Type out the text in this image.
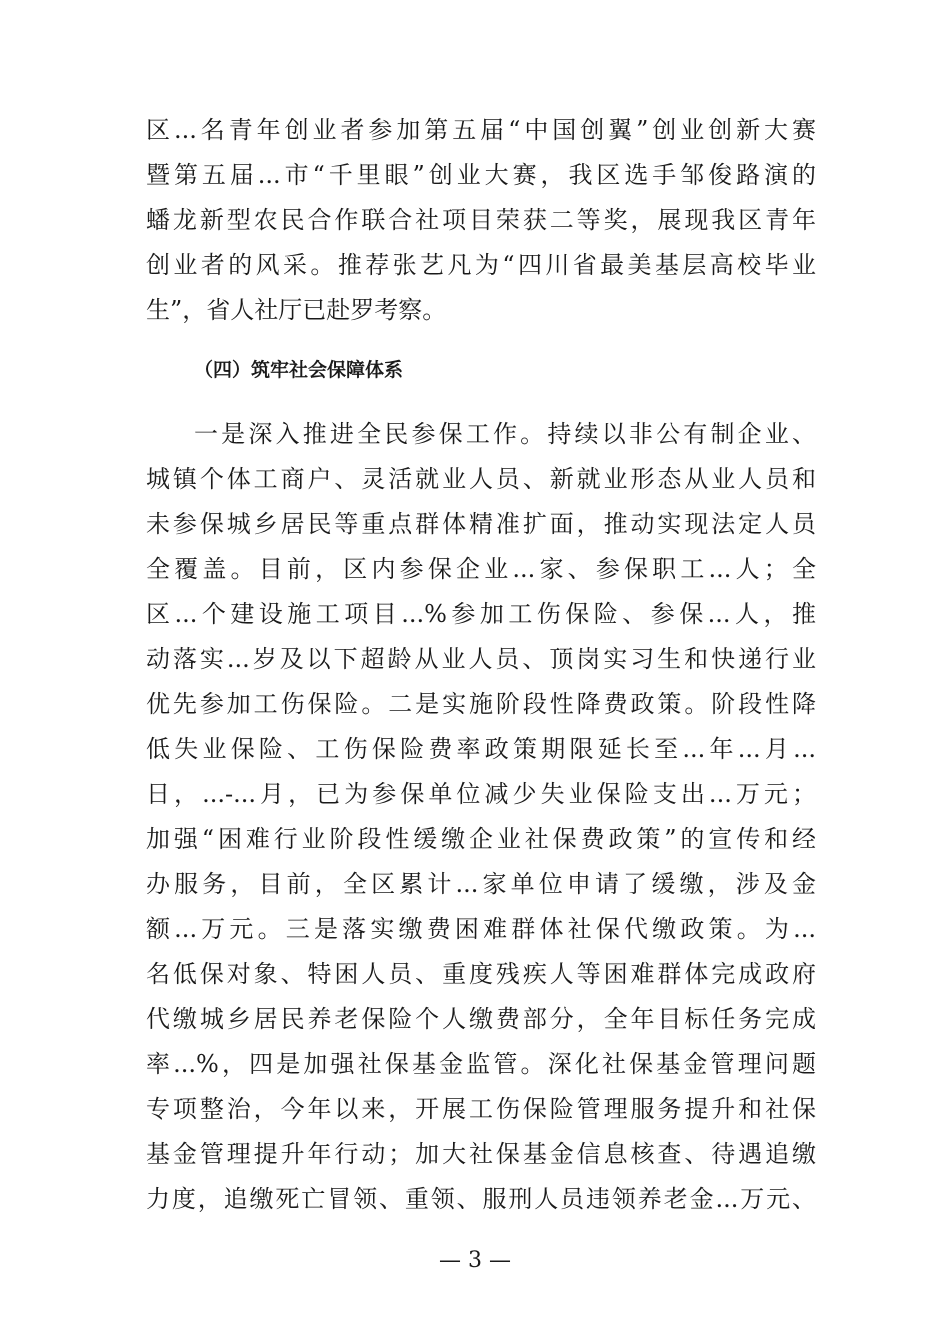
区...名青年创业者参加第五届“中国创翼”创业创新大赛
暨第五届...市“千里眼”创业大赛，我区选手邹俊路演的
蟠龙新型农民合作联合社项目荣获二等奖，展现我区青年
创业者的风采。推荐张艺凡为“四川省最美基层高校毕业
生”，省人社厅已赴罗考察。
（四）筑牢社会保障体系
一是深入推进全民参保工作。持续以非公有制企业、
城镇个体工商户、灵活就业人员、新就业形态从业人员和
未参保城乡居民等重点群体精准扩面，推动实现法定人员
全覆盖。目前，区内参保企业...家、参保职工...人；全
区...个建设施工项目...%参加工伤保险、参保...人，推
动落实...岁及以下超龄从业人员、顶岗实习生和快递行业
优先参加工伤保险。二是实施阶段性降费政策。阶段性降
低失业保险、工伤保险费率政策期限延长至...年...月...
日，...-...月，已为参保单位减少失业保险支出...万元；
加强“困难行业阶段性缓缴企业社保费政策”的宣传和经
办服务，目前，全区累计...家单位申请了缓缴，涉及金
额...万元。三是落实缴费困难群体社保代缴政策。为...
名低保对象、特困人员、重度残疾人等困难群体完成政府
代缴城乡居民养老保险个人缴费部分，全年目标任务完成
率...%，四是加强社保基金监管。深化社保基金管理问题
专项整治，今年以来，开展工伤保险管理服务提升和社保
基金管理提升年行动；加大社保基金信息核查、待遇追缴
力度，追缴死亡冒领、重领、服刑人员违领养老金...万元、
— 3 —
